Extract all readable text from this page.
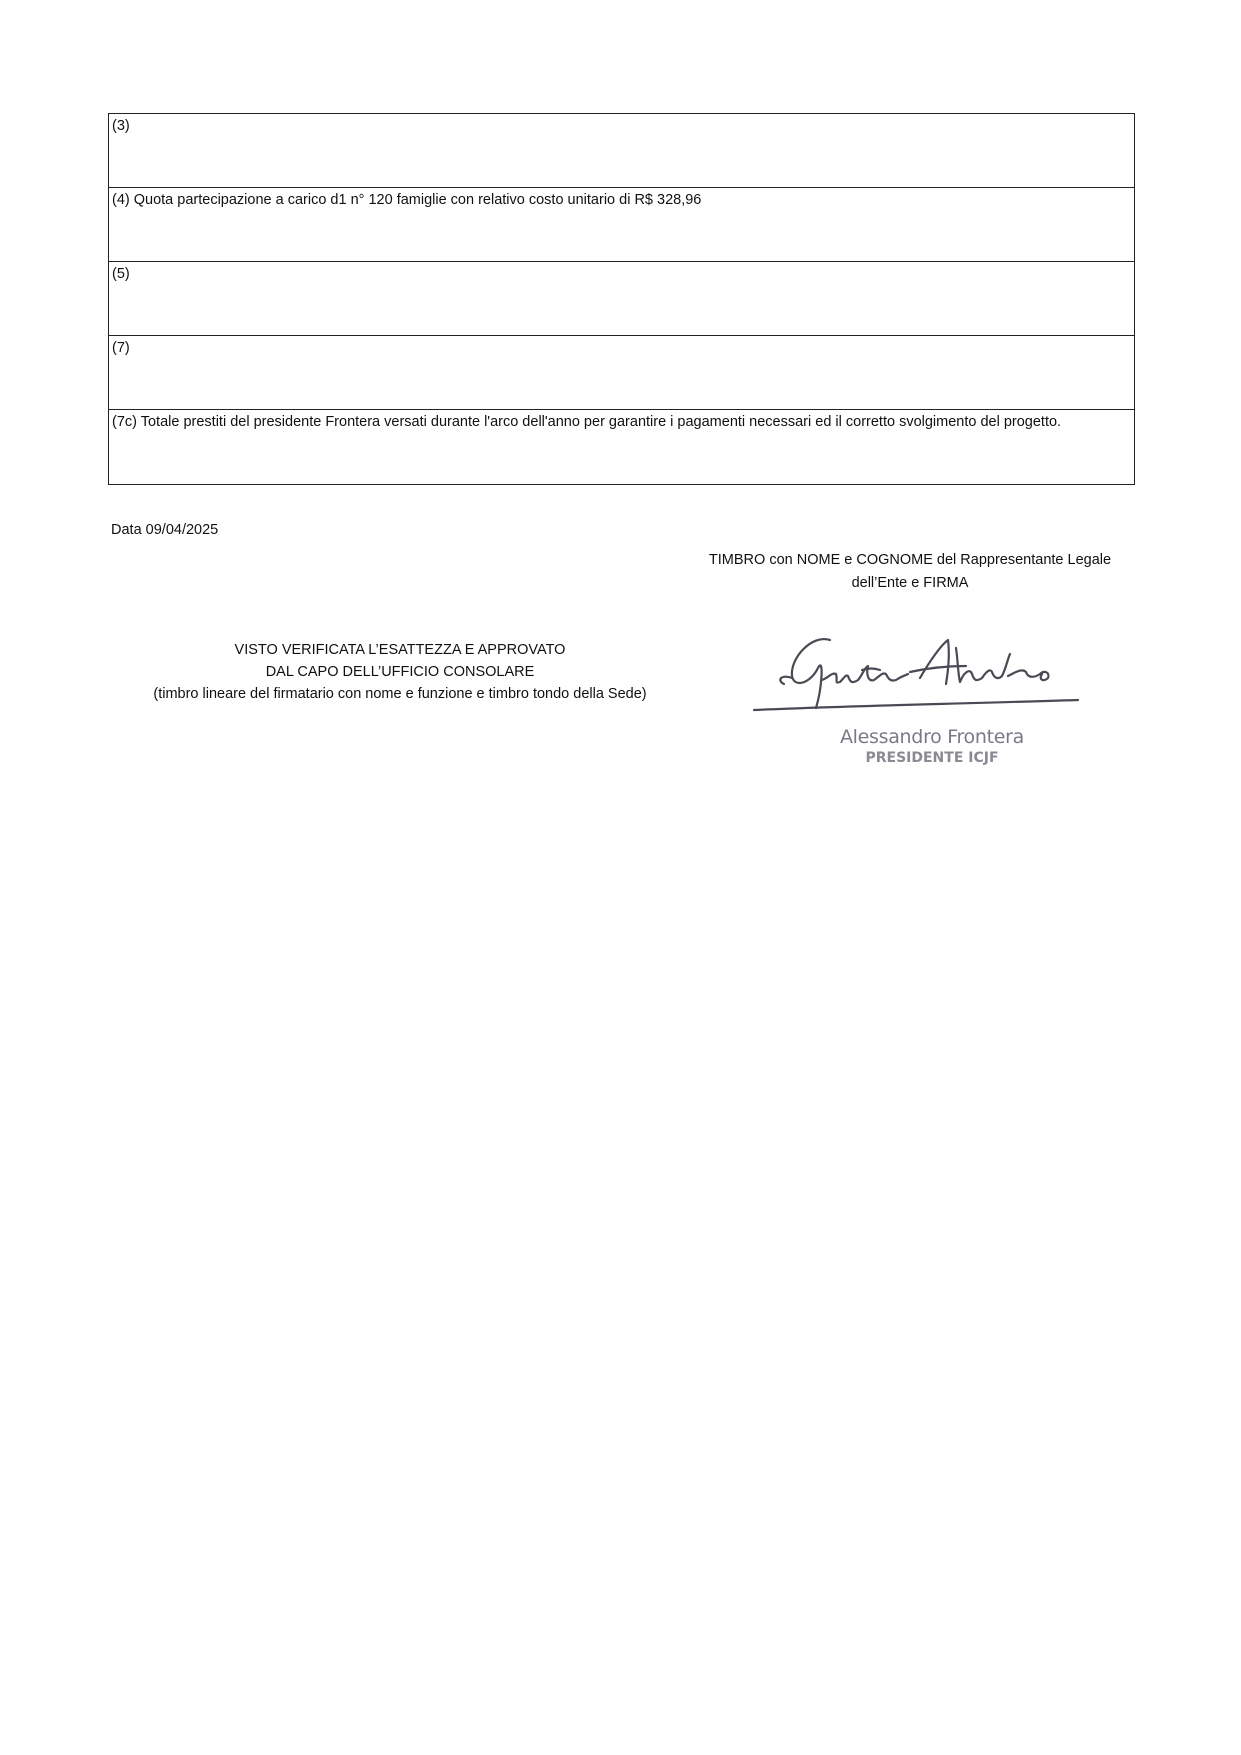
(3)
(4) Quota partecipazione a carico d1 n° 120 famiglie con relativo costo unitario di R$ 328,96
(5)
(7)
(7c) Totale prestiti del presidente Frontera versati durante l'arco dell'anno per garantire i pagamenti necessari ed il corretto svolgimento del progetto.
Data 09/04/2025
TIMBRO con NOME e COGNOME del Rappresentante Legale
dell’Ente e FIRMA
VISTO VERIFICATA L’ESATTEZZA E APPROVATO
DAL CAPO DELL’UFFICIO CONSOLARE
(timbro lineare del firmatario con nome e funzione e timbro tondo della Sede)
Alessandro Frontera
PRESIDENTE ICJF
